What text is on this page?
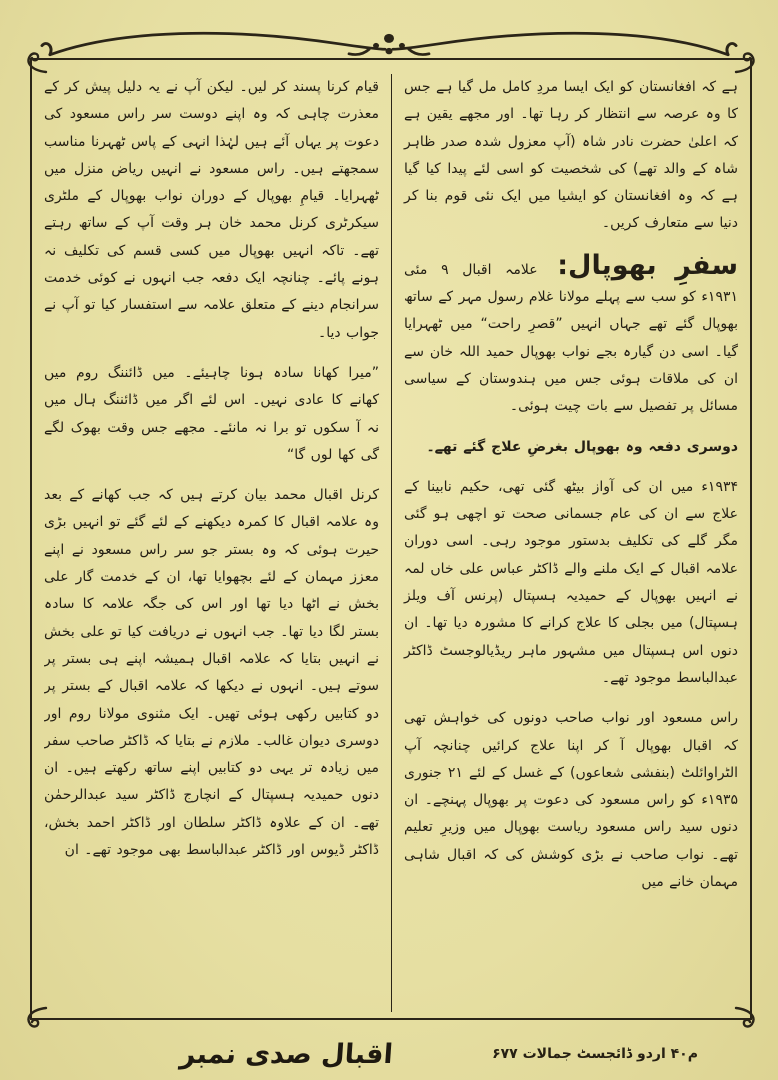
ہے کہ افغانستان کو ایک ایسا مردِ کامل مل گیا ہے جس کا وہ عرصہ سے انتظار کر رہا تھا۔ اور مجھے یقین ہے کہ اعلیٰ حضرت نادر شاہ (آپ معزول شدہ صدر ظاہر شاہ کے والد تھے) کی شخصیت کو اسی لئے پیدا کیا گیا ہے کہ وہ افغانستان کو ایشیا میں ایک نئی قوم بنا کر دنیا سے متعارف کریں۔

سفرِ بھوپال: علامہ اقبال ۹ مئی ۱۹۳۱ء کو سب سے پہلے مولانا غلام رسول مہر کے ساتھ بھوپال گئے تھے جہاں انہیں ”قصرِ راحت“ میں ٹھہرایا گیا۔ اسی دن گیارہ بجے نواب بھوپال حمید اللہ خان سے ان کی ملاقات ہوئی جس میں ہندوستان کے سیاسی مسائل پر تفصیل سے بات چیت ہوئی۔

دوسری دفعہ وہ بھوپال بغرضِ علاج گئے تھے۔

۱۹۳۴ء میں ان کی آواز بیٹھ گئی تھی، حکیم نابینا کے علاج سے ان کی عام جسمانی صحت تو اچھی ہو گئی مگر گلے کی تکلیف بدستور موجود رہی۔ اسی دوران علامہ اقبال کے ایک ملنے والے ڈاکٹر عباس علی خاں لمہ نے انہیں بھوپال کے حمیدیہ ہسپتال (پرنس آف ویلز ہسپتال) میں بجلی کا علاج کرانے کا مشورہ دیا تھا۔ ان دنوں اس ہسپتال میں مشہور ماہر ریڈیالوجسٹ ڈاکٹر عبدالباسط موجود تھے۔

راس مسعود اور نواب صاحب دونوں کی خواہش تھی کہ اقبال بھوپال آ کر اپنا علاج کرائیں چنانچہ آپ الٹراوائلٹ (بنفشی شعاعوں) کے غسل کے لئے ۲۱ جنوری ۱۹۳۵ء کو راس مسعود کی دعوت پر بھوپال پہنچے۔ ان دنوں سید راس مسعود ریاست بھوپال میں وزیرِ تعلیم تھے۔ نواب صاحب نے بڑی کوشش کی کہ اقبال شاہی مہمان خانے میں

قیام کرنا پسند کر لیں۔ لیکن آپ نے یہ دلیل پیش کر کے معذرت چاہی کہ وہ اپنے دوست سر راس مسعود کی دعوت پر یہاں آئے ہیں لہٰذا انہی کے پاس ٹھہرنا مناسب سمجھتے ہیں۔ راس مسعود نے انہیں ریاض منزل میں ٹھہرایا۔ قیامِ بھوپال کے دوران نواب بھوپال کے ملٹری سیکرٹری کرنل محمد خان ہر وقت آپ کے ساتھ رہتے تھے۔ تاکہ انہیں بھوپال میں کسی قسم کی تکلیف نہ ہونے پائے۔ چنانچہ ایک دفعہ جب انہوں نے کوئی خدمت سرانجام دینے کے متعلق علامہ سے استفسار کیا تو آپ نے جواب دیا۔

”میرا کھانا سادہ ہونا چاہیئے۔ میں ڈائننگ روم میں کھانے کا عادی نہیں۔ اس لئے اگر میں ڈائننگ ہال میں نہ آ سکوں تو برا نہ مانئے۔ مجھے جس وقت بھوک لگے گی کھا لوں گا“

کرنل اقبال محمد بیان کرتے ہیں کہ جب کھانے کے بعد وہ علامہ اقبال کا کمرہ دیکھنے کے لئے گئے تو انہیں بڑی حیرت ہوئی کہ وہ بستر جو سر راس مسعود نے اپنے معزز مہمان کے لئے بچھوایا تھا، ان کے خدمت گار علی بخش نے اٹھا دیا تھا اور اس کی جگہ علامہ کا سادہ بستر لگا دیا تھا۔ جب انہوں نے دریافت کیا تو علی بخش نے انہیں بتایا کہ علامہ اقبال ہمیشہ اپنے ہی بستر پر سوتے ہیں۔ انہوں نے دیکھا کہ علامہ اقبال کے بستر پر دو کتابیں رکھی ہوئی تھیں۔ ایک مثنوی مولانا روم اور دوسری دیوان غالب۔ ملازم نے بتایا کہ ڈاکٹر صاحب سفر میں زیادہ تر یہی دو کتابیں اپنے ساتھ رکھتے ہیں۔ ان دنوں حمیدیہ ہسپتال کے انچارج ڈاکٹر سید عبدالرحمٰن تھے۔ ان کے علاوہ ڈاکٹر سلطان اور ڈاکٹر احمد بخش، ڈاکٹر ڈیوس اور ڈاکٹر عبدالباسط بھی موجود تھے۔ ان

اقبال صدی نمبر	م۴۰ اردو ڈائجسٹ جمالات ۶۷۷
